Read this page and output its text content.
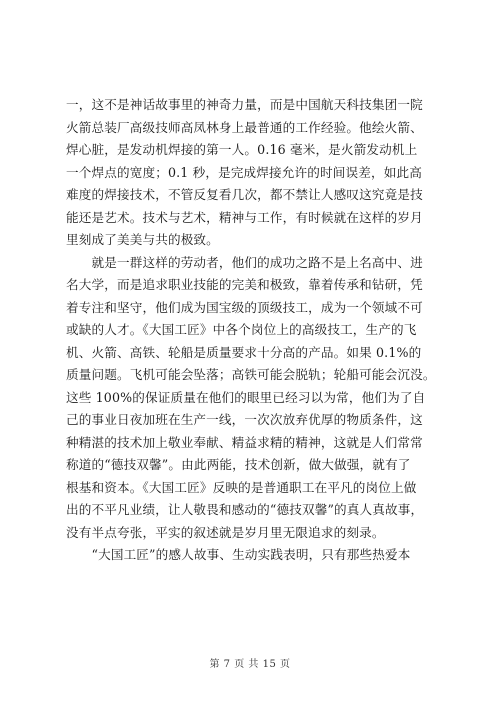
一，这不是神话故事里的神奇力量，而是中国航天科技集团一院
火箭总装厂高级技师高凤林身上最普通的工作经验。他绘火箭、
焊心脏，是发动机焊接的第一人。0.16 毫米，是火箭发动机上
一个焊点的宽度；0.1 秒，是完成焊接允许的时间误差，如此高
难度的焊接技术，不管反复看几次，都不禁让人感叹这究竟是技
能还是艺术。技术与艺术，精神与工作，有时候就在这样的岁月
里刻成了美美与共的极致。
　　就是一群这样的劳动者，他们的成功之路不是上名高中、进
名大学，而是追求职业技能的完美和极致，靠着传承和钻研，凭
着专注和坚守，他们成为国宝级的顶级技工，成为一个领域不可
或缺的人才。《大国工匠》中各个岗位上的高级技工，生产的飞
机、火箭、高铁、轮船是质量要求十分高的产品。如果 0.1%的
质量问题。飞机可能会坠落；高铁可能会脱轨；轮船可能会沉没。
这些 100%的保证质量在他们的眼里已经习以为常，他们为了自
己的事业日夜加班在生产一线，一次次放弃优厚的物质条件，这
种精湛的技术加上敬业奉献、精益求精的精神，这就是人们常常
称道的“德技双馨”。由此两能，技术创新，做大做强，就有了
根基和资本。《大国工匠》反映的是普通职工在平凡的岗位上做
出的不平凡业绩，让人敬畏和感动的“德技双馨”的真人真故事，
没有半点夸张，平实的叙述就是岁月里无限追求的刻录。
　　“大国工匠”的感人故事、生动实践表明，只有那些热爱本
第 7 页 共 15 页
